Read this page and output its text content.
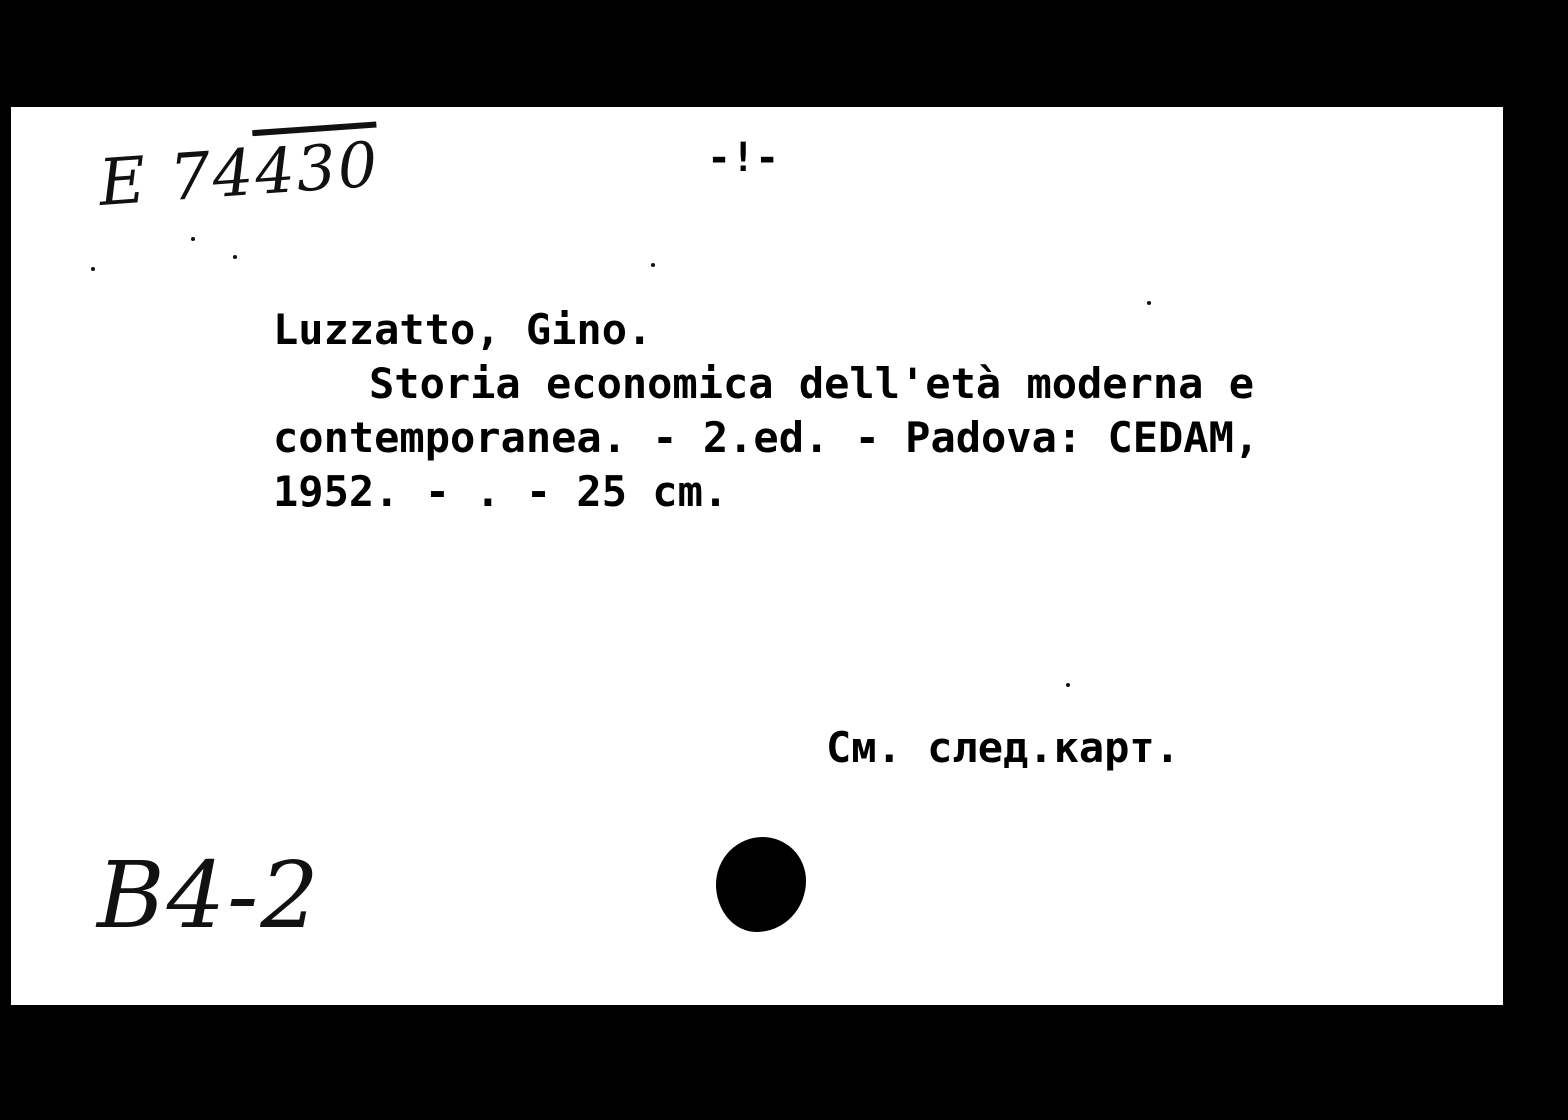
E 74430	-!-
Luzzatto, Gino.
Storia economica dell'età moderna e
contemporanea. - 2.ed. - Padova: CEDAM,
1952. - . - 25 cm.
См. след.карт.
B4-2
